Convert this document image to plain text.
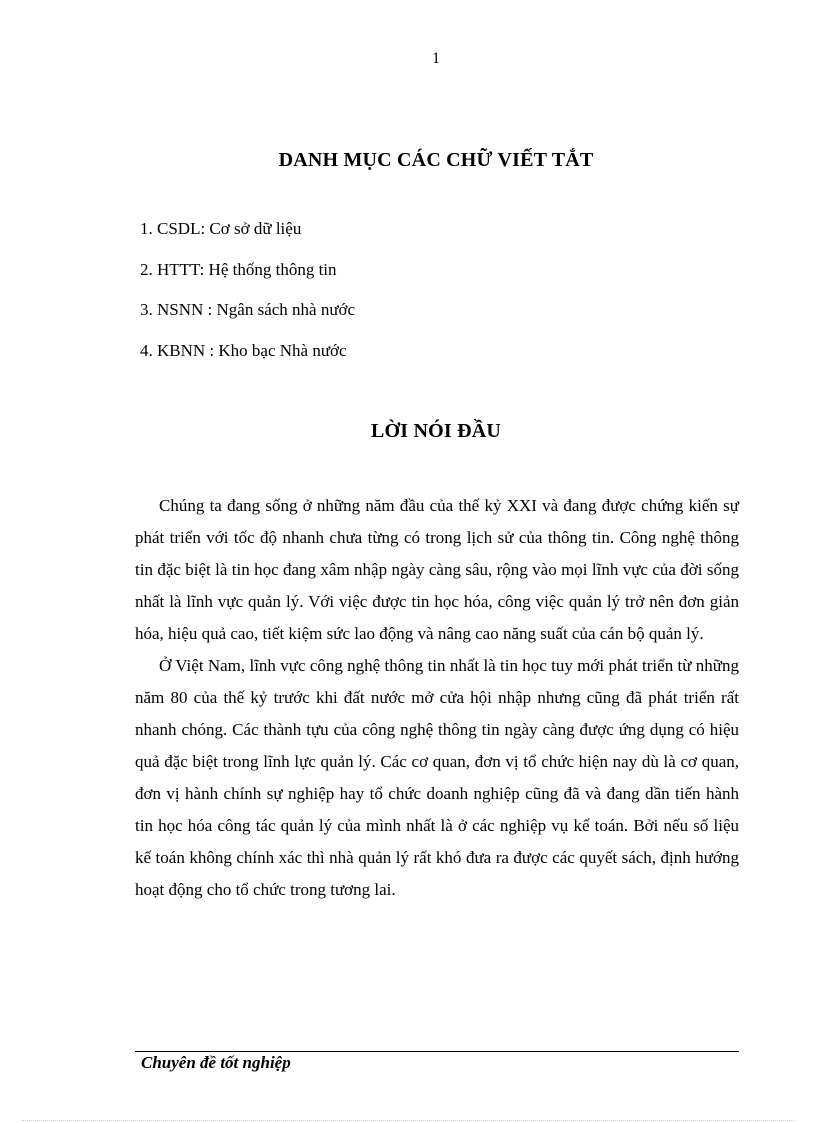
1
DANH MỤC CÁC CHỮ VIẾT TẮT
1. CSDL: Cơ sở dữ liệu
2. HTTT: Hệ thống thông tin
3. NSNN : Ngân sách nhà nước
4. KBNN : Kho bạc Nhà nước
LỜI NÓI ĐẦU

Chúng ta đang sống ở những năm đầu của thế kỷ XXI và đang được chứng kiến sự phát triển với tốc độ nhanh chưa từng có trong lịch sử của thông tin. Công nghệ thông tin đặc biệt là tin học đang xâm nhập ngày càng sâu, rộng vào mọi lĩnh vực của đời sống nhất là lĩnh vực quản lý. Với việc được tin học hóa, công việc quản lý trở nên đơn giản hóa, hiệu quả cao, tiết kiệm sức lao động và nâng cao năng suất của cán bộ quản lý.

Ở Việt Nam, lĩnh vực công nghệ thông tin nhất là tin học tuy mới phát triển từ những năm 80 của thế kỷ trước khi đất nước mở cửa hội nhập nhưng cũng đã phát triển rất nhanh chóng. Các thành tựu của công nghệ thông tin ngày càng được ứng dụng có hiệu quả đặc biệt trong lĩnh lực quản lý. Các cơ quan, đơn vị tổ chức hiện nay dù là cơ quan, đơn vị hành chính sự nghiệp hay tổ chức doanh nghiệp cũng đã và đang dần tiến hành tin học hóa công tác quản lý của mình nhất là ở các nghiệp vụ kế toán. Bởi nếu số liệu kế toán không chính xác thì nhà quản lý rất khó đưa ra được các quyết sách, định hướng hoạt động cho tổ chức trong tương lai.

Chuyên đề tốt nghiệp
